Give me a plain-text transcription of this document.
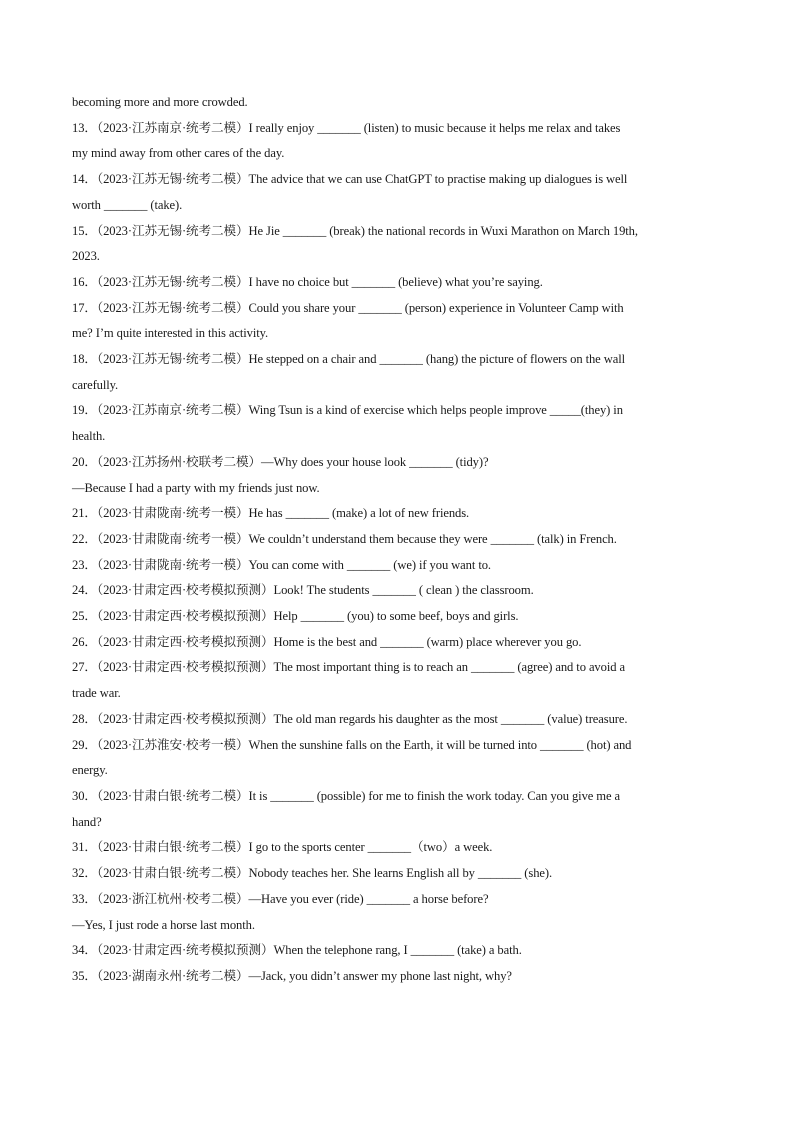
becoming more and more crowded.
13．（2023·江苏南京·统考二模）I really enjoy _______ (listen) to music because it helps me relax and takes
my mind away from other cares of the day.
14．（2023·江苏无锡·统考二模）The advice that we can use ChatGPT to practise making up dialogues is well
worth _______ (take).
15．（2023·江苏无锡·统考二模）He Jie _______ (break) the national records in Wuxi Marathon on March 19th,
2023.
16．（2023·江苏无锡·统考二模）I have no choice but _______ (believe) what you’re saying.
17．（2023·江苏无锡·统考二模）Could you share your _______ (person) experience in Volunteer Camp with
me? I’m quite interested in this activity.
18．（2023·江苏无锡·统考二模）He stepped on a chair and _______ (hang) the picture of flowers on the wall
carefully.
19．（2023·江苏南京·统考二模）Wing Tsun is a kind of exercise which helps people improve _____(they) in
health.
20．（2023·江苏扬州·校联考二模）—Why does your house look _______ (tidy)?
—Because I had a party with my friends just now.
21．（2023·甘肃陇南·统考一模）He has _______ (make) a lot of new friends.
22．（2023·甘肃陇南·统考一模）We couldn’t understand them because they were _______ (talk) in French.
23．（2023·甘肃陇南·统考一模）You can come with _______ (we) if you want to.
24．（2023·甘肃定西·校考模拟预测）Look! The students _______ ( clean ) the classroom.
25．（2023·甘肃定西·校考模拟预测）Help _______ (you) to some beef, boys and girls.
26．（2023·甘肃定西·校考模拟预测）Home is the best and _______ (warm) place wherever you go.
27．（2023·甘肃定西·校考模拟预测）The most important thing is to reach an _______ (agree) and to avoid a
trade war.
28．（2023·甘肃定西·校考模拟预测）The old man regards his daughter as the most _______ (value) treasure.
29．（2023·江苏淮安·校考一模）When the sunshine falls on the Earth, it will be turned into _______ (hot) and
energy.
30．（2023·甘肃白银·统考二模）It is _______ (possible) for me to finish the work today. Can you give me a
hand?
31．（2023·甘肃白银·统考二模）I go to the sports center _______（two）a week.
32．（2023·甘肃白银·统考二模）Nobody teaches her. She learns English all by _______ (she).
33．（2023·浙江杭州·校考二模）—Have you ever (ride) _______ a horse before?
—Yes, I just rode a horse last month.
34．（2023·甘肃定西·统考模拟预测）When the telephone rang, I _______ (take) a bath.
35．（2023·湖南永州·统考二模）—Jack, you didn’t answer my phone last night, why?
